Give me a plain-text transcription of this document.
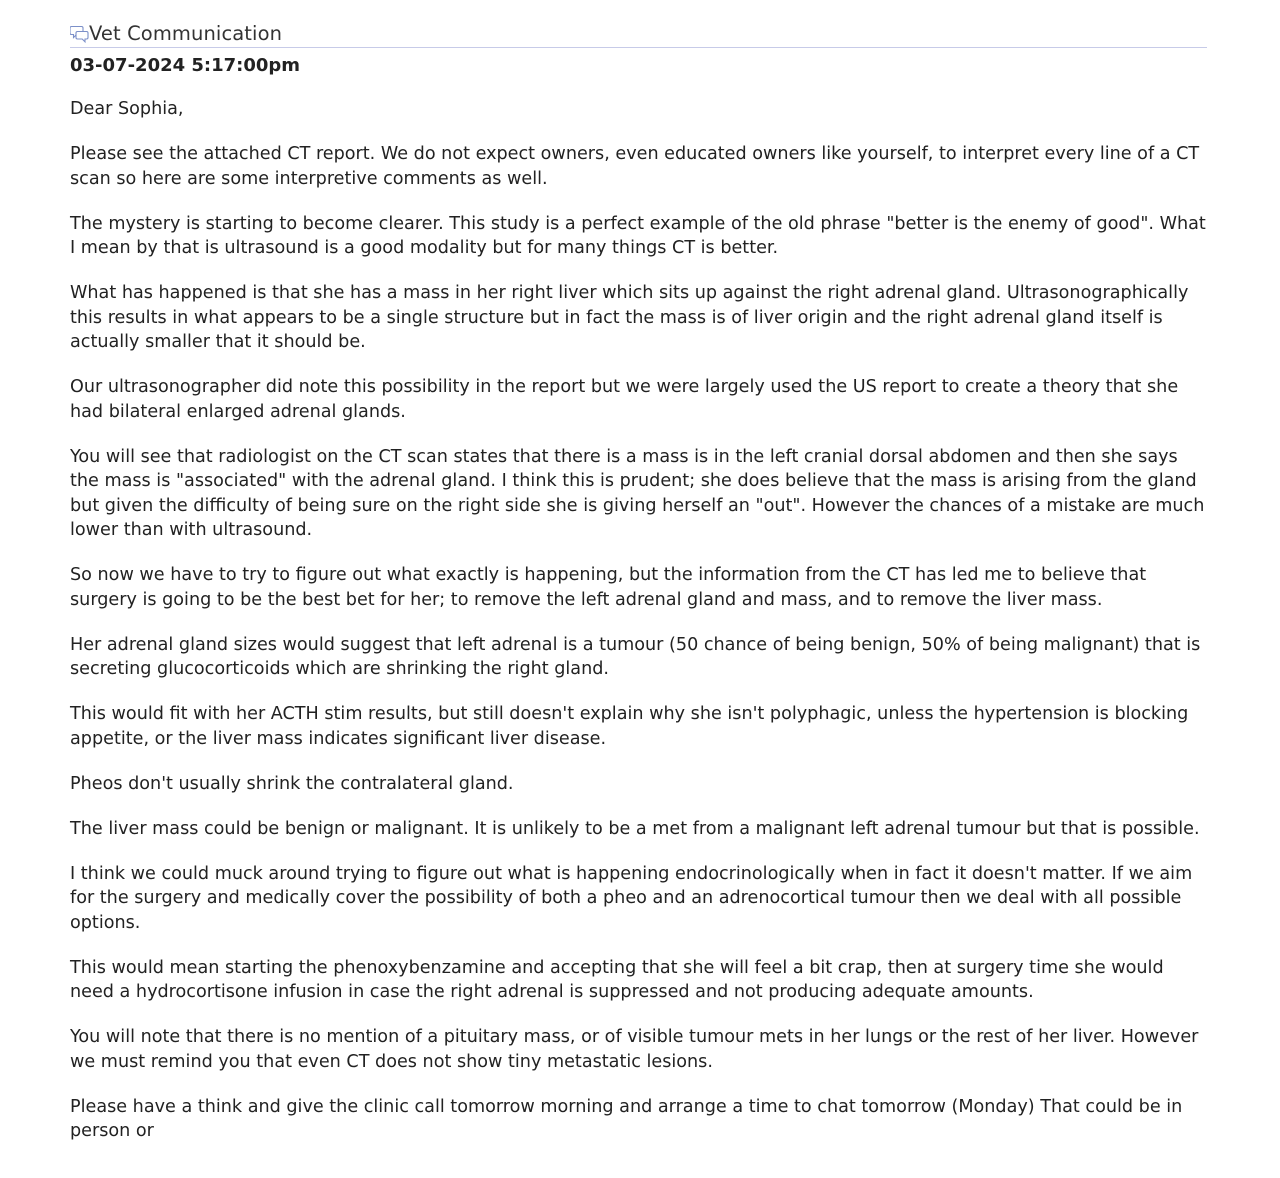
Vet Communication
03-07-2024 5:17:00pm

Dear Sophia,

Please see the attached CT report. We do not expect owners, even educated owners like yourself, to interpret every line of a CT scan so here are some interpretive comments as well.

The mystery is starting to become clearer. This study is a perfect example of the old phrase "better is the enemy of good". What I mean by that is ultrasound is a good modality but for many things CT is better.

What has happened is that she has a mass in her right liver which sits up against the right adrenal gland. Ultrasonographically this results in what appears to be a single structure but in fact the mass is of liver origin and the right adrenal gland itself is actually smaller that it should be.

Our ultrasonographer did note this possibility in the report but we were largely used the US report to create a theory that she had bilateral enlarged adrenal glands.

You will see that radiologist on the CT scan states that there is a mass is in the left cranial dorsal abdomen and then she says the mass is "associated" with the adrenal gland. I think this is prudent; she does believe that the mass is arising from the gland but given the difficulty of being sure on the right side she is giving herself an "out". However the chances of a mistake are much lower than with ultrasound.

So now we have to try to figure out what exactly is happening, but the information from the CT has led me to believe that surgery is going to be the best bet for her; to remove the left adrenal gland and mass, and to remove the liver mass.

Her adrenal gland sizes would suggest that left adrenal is a tumour (50 chance of being benign, 50% of being malignant) that is secreting glucocorticoids which are shrinking the right gland.

This would fit with her ACTH stim results, but still doesn't explain why she isn't polyphagic, unless the hypertension is blocking appetite, or the liver mass indicates significant liver disease.

Pheos don't usually shrink the contralateral gland.

The liver mass could be benign or malignant. It is unlikely to be a met from a malignant left adrenal tumour but that is possible.

I think we could muck around trying to figure out what is happening endocrinologically when in fact it doesn't matter. If we aim for the surgery and medically cover the possibility of both a pheo and an adrenocortical tumour then we deal with all possible options.

This would mean starting the phenoxybenzamine and accepting that she will feel a bit crap, then at surgery time she would need a hydrocortisone infusion in case the right adrenal is suppressed and not producing adequate amounts.

You will note that there is no mention of a pituitary mass, or of visible tumour mets in her lungs or the rest of her liver. However we must remind you that even CT does not show tiny metastatic lesions.

Please have a think and give the clinic call tomorrow morning and arrange a time to chat tomorrow (Monday) That could be in person or
